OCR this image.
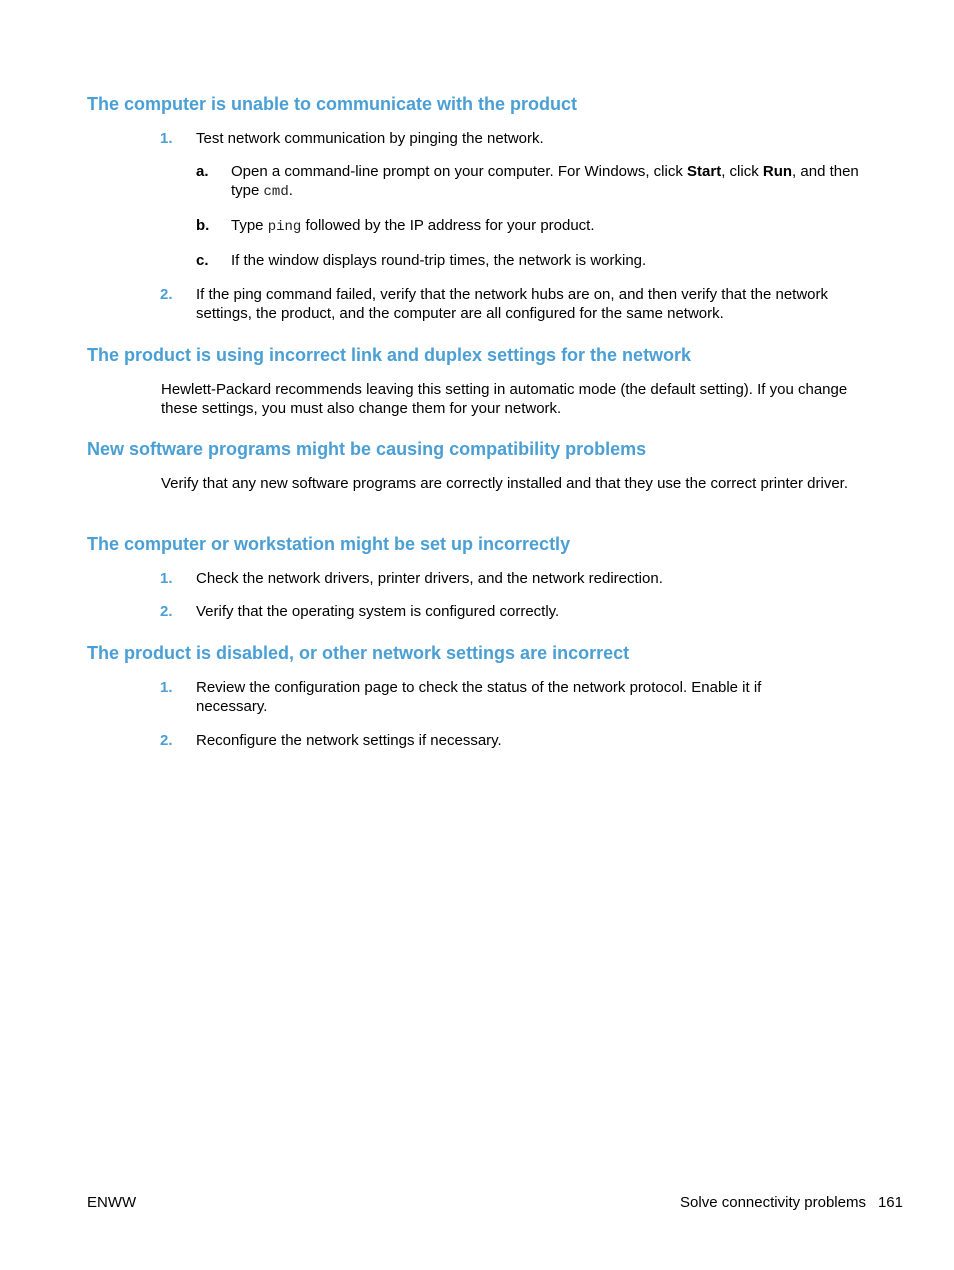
The computer is unable to communicate with the product
1. Test network communication by pinging the network.
a. Open a command-line prompt on your computer. For Windows, click Start, click Run, and then type cmd.
b. Type ping followed by the IP address for your product.
c. If the window displays round-trip times, the network is working.
2. If the ping command failed, verify that the network hubs are on, and then verify that the network settings, the product, and the computer are all configured for the same network.
The product is using incorrect link and duplex settings for the network
Hewlett-Packard recommends leaving this setting in automatic mode (the default setting). If you change these settings, you must also change them for your network.
New software programs might be causing compatibility problems
Verify that any new software programs are correctly installed and that they use the correct printer driver.
The computer or workstation might be set up incorrectly
1. Check the network drivers, printer drivers, and the network redirection.
2. Verify that the operating system is configured correctly.
The product is disabled, or other network settings are incorrect
1. Review the configuration page to check the status of the network protocol. Enable it if necessary.
2. Reconfigure the network settings if necessary.
ENWW	Solve connectivity problems 161
